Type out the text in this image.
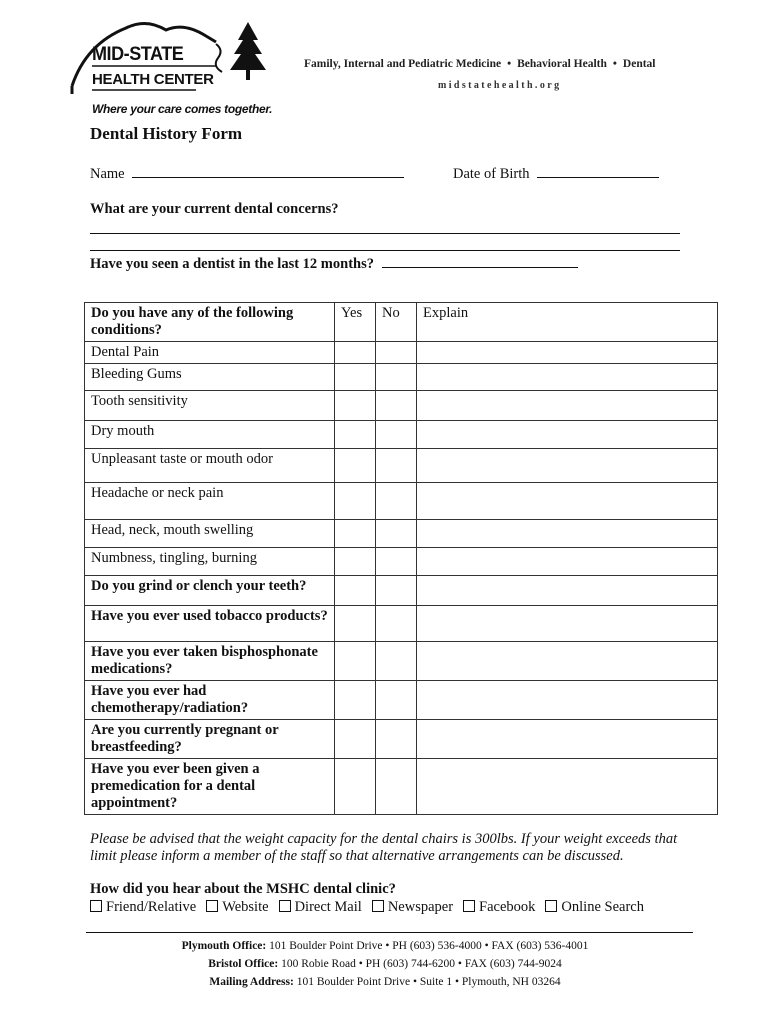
MID-STATE
HEALTH CENTER
Where your care comes together.
Family, Internal and Pediatric Medicine • Behavioral Health • Dental
midstatehealth.org
Dental History Form
Name	Date of Birth
What are your current dental concerns?
Have you seen a dentist in the last 12 months?
Do you have any of the following conditions?	Yes	No	Explain
Dental Pain			
Bleeding Gums			
Tooth sensitivity			
Dry mouth			
Unpleasant taste or mouth odor			
Headache or neck pain			
Head, neck, mouth swelling			
Numbness, tingling, burning			
Do you grind or clench your teeth?			
Have you ever used tobacco products?			
Have you ever taken bisphosphonate medications?			
Have you ever had chemotherapy/radiation?			
Are you currently pregnant or breastfeeding?			
Have you ever been given a premedication for a dental appointment?			
Please be advised that the weight capacity for the dental chairs is 300lbs. If your weight exceeds that limit please inform a member of the staff so that alternative arrangements can be discussed.
How did you hear about the MSHC dental clinic?
Friend/Relative Website Direct Mail Newspaper Facebook Online Search
Plymouth Office: 101 Boulder Point Drive • PH (603) 536-4000 • FAX (603) 536-4001
Bristol Office: 100 Robie Road • PH (603) 744-6200 • FAX (603) 744-9024
Mailing Address: 101 Boulder Point Drive • Suite 1 • Plymouth, NH 03264
